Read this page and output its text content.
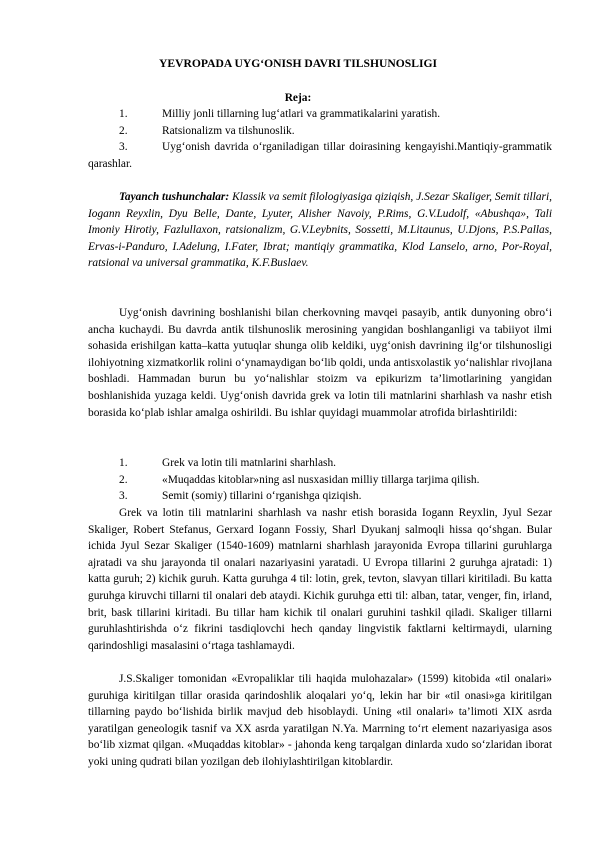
YEVROPADA UYG‘ONISH DAVRI TILSHUNOSLIGI
Reja:
1.	Milliy jonli tillarning lug‘atlari va grammatikalarini yaratish.
2.	Ratsionalizm va tilshunoslik.

3.	Uyg‘onish davrida o‘rganiladigan tillar doirasining kengayishi.Mantiqiy-grammatik qarashlar.

Tayanch tushunchalar: Klassik va semit filologiyasiga qiziqish, J.Sezar Skaliger, Semit tillari, Iogann Reyxlin, Dyu Belle, Dante, Lyuter, Alisher Navoiy, P.Rims, G.V.Ludolf, «Abushqa», Tali Imoniy Hirotiy, Fazlullaxon, ratsionalizm, G.V.Leybnits, Sossetti, M.Litaunus, U.Djons, P.S.Pallas, Ervas-i-Panduro, I.Adelung, I.Fater, Ibrat; mantiqiy grammatika, Klod Lanselo, arno, Por-Royal, ratsional va universal grammatika, K.F.Buslaev.

Uyg‘onish davrining boshlanishi bilan cherkovning mavqei pasayib, antik dunyoning obro‘i ancha kuchaydi. Bu davrda antik tilshunoslik merosining yangidan boshlanganligi va tabiiyot ilmi sohasida erishilgan katta–katta yutuqlar shunga olib keldiki, uyg‘onish davrining ilg‘or tilshunosligi ilohiyotning xizmatkorlik rolini o‘ynamaydigan bo‘lib qoldi, unda antisxolastik yo‘nalishlar rivojlana boshladi. Hammadan burun bu yo‘nalishlar stoizm va epikurizm ta’limotlarining yangidan boshlanishida yuzaga keldi. Uyg‘onish davrida grek va lotin tili matnlarini sharhlash va nashr etish borasida ko‘plab ishlar amalga oshirildi. Bu ishlar quyidagi muammolar atrofida birlashtirildi:

1.	Grek va lotin tili matnlarini sharhlash.
2.	«Muqaddas kitoblar»ning asl nusxasidan milliy tillarga tarjima qilish.
3.	Semit (somiy) tillarini o‘rganishga qiziqish.

Grek va lotin tili matnlarini sharhlash va nashr etish borasida Iogann Reyxlin, Jyul Sezar Skaliger, Robert Stefanus, Gerxard Iogann Fossiy, Sharl Dyukanj salmoqli hissa qo‘shgan. Bular ichida Jyul Sezar Skaliger (1540-1609) matnlarni sharhlash jarayonida Evropa tillarini guruhlarga ajratadi va shu jarayonda til onalari nazariyasini yaratadi. U Evropa tillarini 2 guruhga ajratadi: 1) katta guruh; 2) kichik guruh. Katta guruhga 4 til: lotin, grek, tevton, slavyan tillari kiritiladi. Bu katta guruhga kiruvchi tillarni til onalari deb ataydi. Kichik guruhga etti til: alban, tatar, venger, fin, irland, brit, bask tillarini kiritadi. Bu tillar ham kichik til onalari guruhini tashkil qiladi. Skaliger tillarni guruhlashtirishda o‘z fikrini tasdiqlovchi hech qanday lingvistik faktlarni keltirmaydi, ularning qarindoshligi masalasini o‘rtaga tashlamaydi.

J.S.Skaliger tomonidan «Evropaliklar tili haqida mulohazalar» (1599) kitobida «til onalari» guruhiga kiritilgan tillar orasida qarindoshlik aloqalari yo‘q, lekin har bir «til onasi»ga kiritilgan tillarning paydo bo‘lishida birlik mavjud deb hisoblaydi. Uning «til onalari» ta’limoti XIX asrda yaratilgan geneologik tasnif va XX asrda yaratilgan N.Ya. Marrning to‘rt element nazariyasiga asos bo‘lib xizmat qilgan. «Muqaddas kitoblar» - jahonda keng tarqalgan dinlarda xudo so‘zlaridan iborat yoki uning qudrati bilan yozilgan deb ilohiylashtirilgan kitoblardir.
